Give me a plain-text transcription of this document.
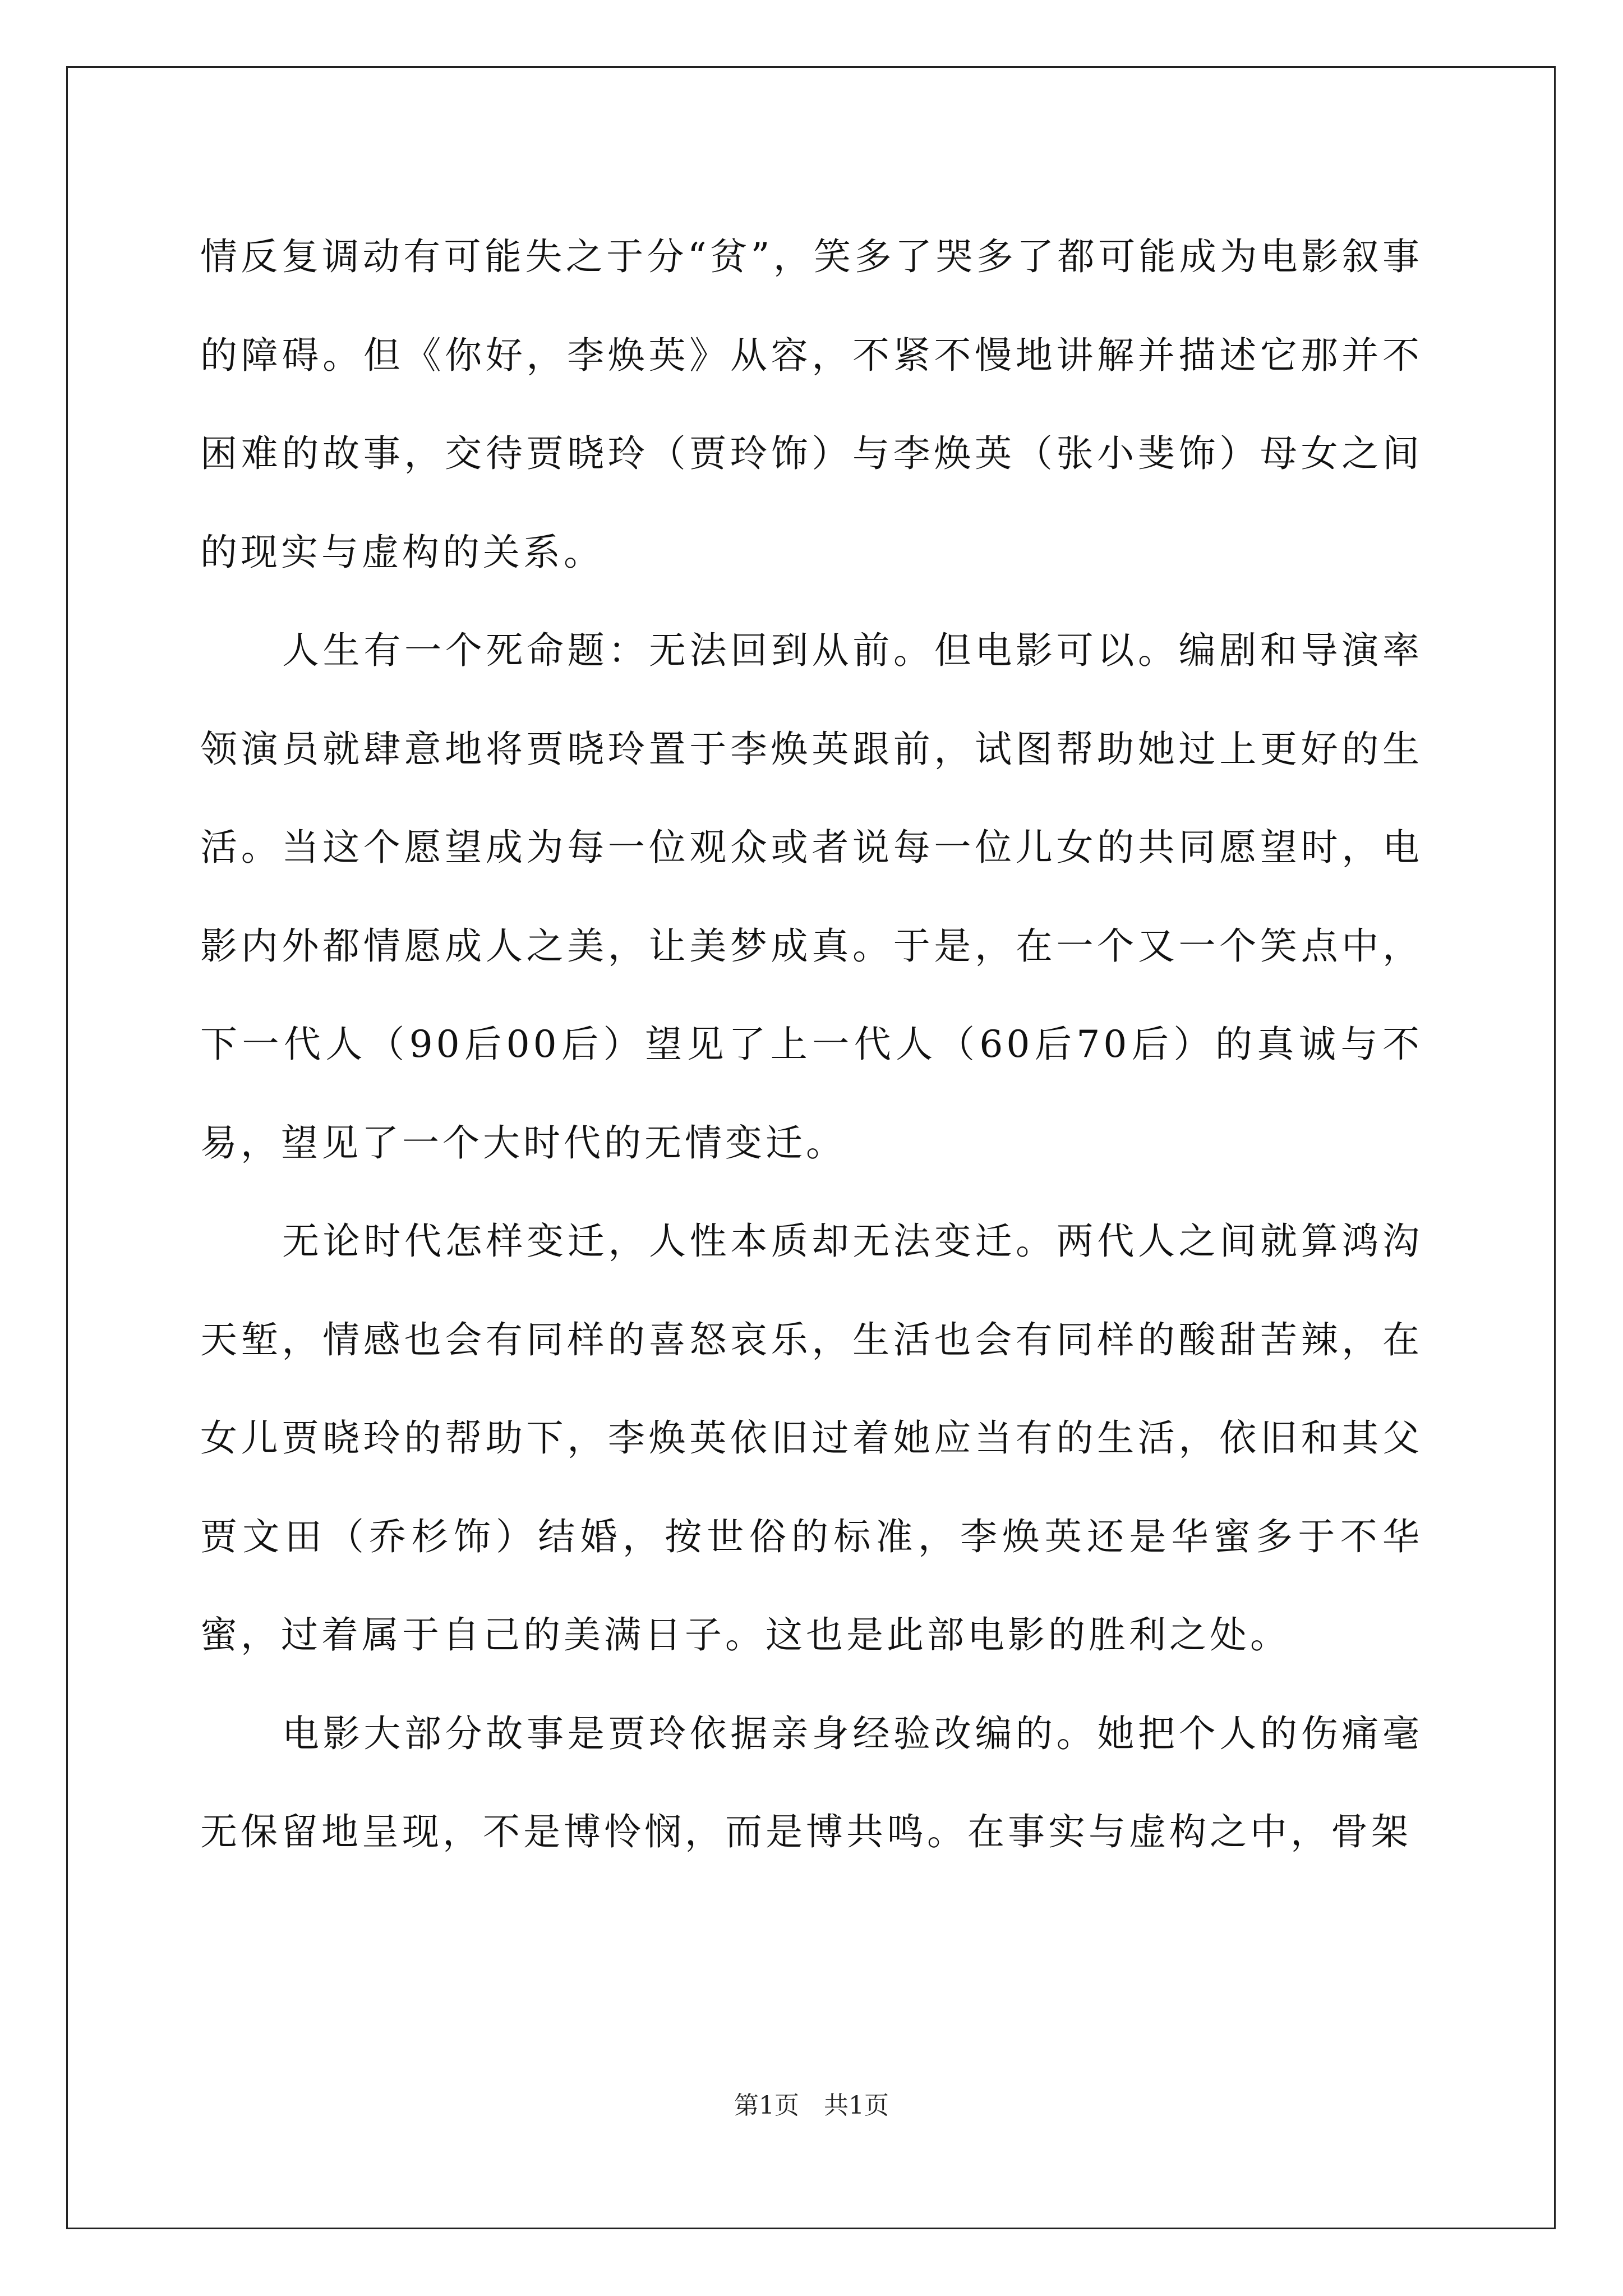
情反复调动有可能失之于分“贫”，笑多了哭多了都可能成为电影叙事的障碍。但《你好，李焕英》从容，不紧不慢地讲解并描述它那并不困难的故事，交待贾晓玲（贾玲饰）与李焕英（张小斐饰）母女之间的现实与虚构的关系。

人生有一个死命题：无法回到从前。但电影可以。编剧和导演率领演员就肆意地将贾晓玲置于李焕英跟前，试图帮助她过上更好的生活。当这个愿望成为每一位观众或者说每一位儿女的共同愿望时，电影内外都情愿成人之美，让美梦成真。于是，在一个又一个笑点中，下一代人（90后00后）望见了上一代人（60后70后）的真诚与不易，望见了一个大时代的无情变迁。

无论时代怎样变迁，人性本质却无法变迁。两代人之间就算鸿沟天堑，情感也会有同样的喜怒哀乐，生活也会有同样的酸甜苦辣，在女儿贾晓玲的帮助下，李焕英依旧过着她应当有的生活，依旧和其父贾文田（乔杉饰）结婚，按世俗的标准，李焕英还是华蜜多于不华蜜，过着属于自己的美满日子。这也是此部电影的胜利之处。

电影大部分故事是贾玲依据亲身经验改编的。她把个人的伤痛毫无保留地呈现，不是博怜悯，而是博共鸣。在事实与虚构之中，骨架

第1页 共1页
